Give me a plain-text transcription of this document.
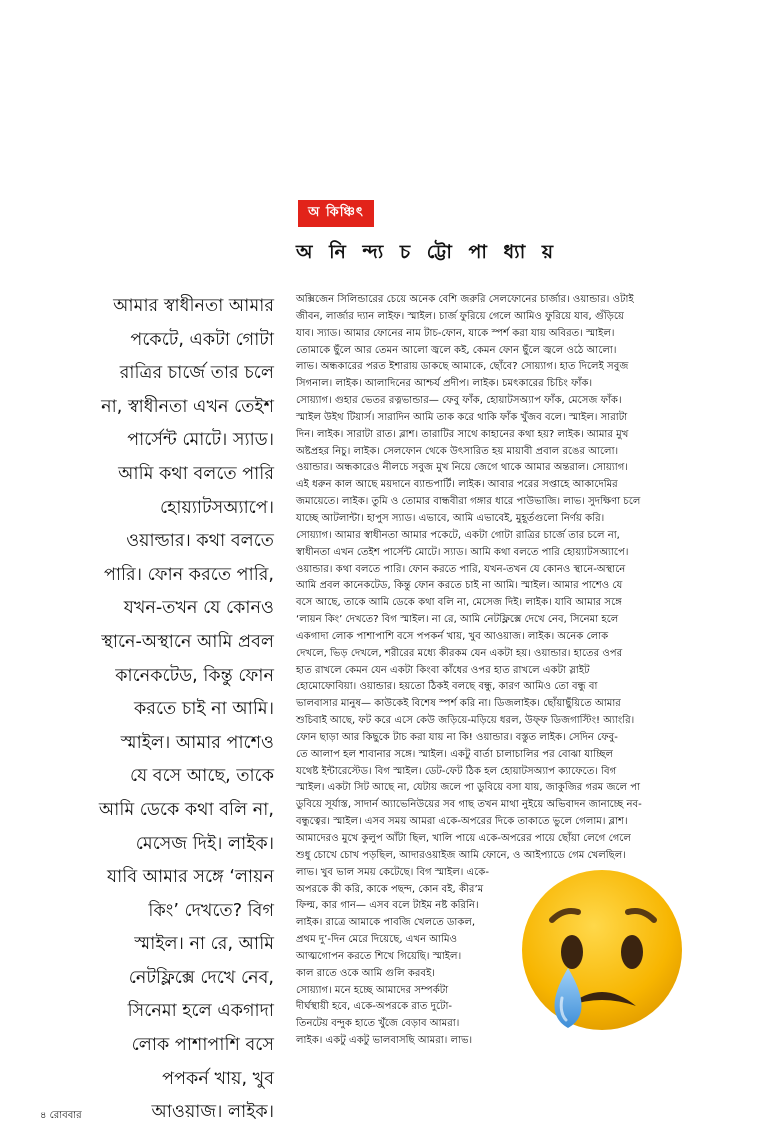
অ কিঞ্চিৎ
অ নি ন্দ্য চ ট্টো পা ধ্যা য়
আমার স্বাধীনতা আমার
পকেটে, একটা গোটা
রাত্রির চার্জে তার চলে
না, স্বাধীনতা এখন তেইশ
পার্সেন্ট মোটে। স্যাড।
আমি কথা বলতে পারি
হোয়্যাটসঅ্যাপে।
ওয়াল্ডার। কথা বলতে
পারি। ফোন করতে পারি,
যখন-তখন যে কোনও
স্থানে-অস্থানে আমি প্রবল
কানেকটেড, কিন্তু ফোন
করতে চাই না আমি।
স্মাইল। আমার পাশেও
যে বসে আছে, তাকে
আমি ডেকে কথা বলি না,
মেসেজ দিই। লাইক।
যাবি আমার সঙ্গে ‘লায়ন
কিং’ দেখতে? বিগ
স্মাইল। না রে, আমি
নেটফ্লিক্সে দেখে নেব,
সিনেমা হলে একগাদা
লোক পাশাপাশি বসে
পপকর্ন খায়, খুব
আওয়াজ। লাইক।
অক্সিজেন সিলিন্ডারের চেয়ে অনেক বেশি জরুরি সেলফোনের চার্জার। ওয়ান্ডার। ওটাই
জীবন, লার্জার দ্যান লাইফ। স্মাইল। চার্জ ফুরিয়ে গেলে আমিও ফুরিয়ে যাব, গুঁড়িয়ে
যাব। স্যাড। আমার ফোনের নাম টাচ-ফোন, যাকে স্পর্শ করা যায় অবিরত। স্মাইল।
তোমাকে ছুঁলে আর তেমন আলো জ্বলে কই, কেমন ফোন ছুঁলে জ্বলে ওঠে আলো।
লাভ। অন্ধকারের পরত ইশারায় ডাকছে আমাকে, ছোঁবে? সোয়্যাগ। হাত দিলেই সবুজ
সিগনাল। লাইক। আলাদিনের আশ্চর্য প্রদীপ। লাইক। চমৎকারের চিচিং ফাঁক।
সোয়্যাগ। গুহার ভেতর রত্নভান্ডার— ফেবু ফাঁক, হোয়াটসঅ্যাপ ফাঁক, মেসেজ ফাঁক।
স্মাইল উইথ টিয়ার্স। সারাদিন আমি তাক করে থাকি ফাঁক খুঁজব বলে। স্মাইল। সারাটা
দিন। লাইক। সারাটা রাত। ব্লাশ। তারাটির সাথে কাহানের কথা হয়? লাইক। আমার মুখ
অষ্টপ্রহর নিচু। লাইক। সেলফোন থেকে উৎসারিত হয় মায়াবী প্রবাল রঙের আলো।
ওয়ান্ডার। অন্ধকারেও নীলচে সবুজ মুখ নিয়ে জেগে থাকে আমার অন্তরাল। সোয়্যাগ।
এই ধরুন কাল আছে ময়দানে ব্যান্ডপার্টি। লাইক। আবার পরের সপ্তাহে আকাদেমির
জমায়েতে। লাইক। তুমি ও তোমার বান্ধবীরা গঙ্গার ধারে পাউভাজি। লাভ। সুদক্ষিণা চলে
যাচ্ছে আটলান্টা। হাপুস স্যাড। এভাবে, আমি এভাবেই, মুহূর্তগুলো নির্ণয় করি।
সোয়্যাগ। আমার স্বাধীনতা আমার পকেটে, একটা গোটা রাত্রির চার্জে তার চলে না,
স্বাধীনতা এখন তেইশ পার্সেন্ট মোটে। স্যাড। আমি কথা বলতে পারি হোয়্যাটসঅ্যাপে।
ওয়ান্ডার। কথা বলতে পারি। ফোন করতে পারি, যখন-তখন যে কোনও স্থানে-অস্থানে
আমি প্রবল কানেকটেড, কিন্তু ফোন করতে চাই না আমি। স্মাইল। আমার পাশেও যে
বসে আছে, তাকে আমি ডেকে কথা বলি না, মেসেজ দিই। লাইক। যাবি আমার সঙ্গে
‘লায়ন কিং’ দেখতে? বিগ স্মাইল। না রে, আমি নেটফ্লিক্সে দেখে নেব, সিনেমা হলে
একগাদা লোক পাশাপাশি বসে পপকর্ন খায়, খুব আওয়াজ। লাইক। অনেক লোক
দেখলে, ভিড় দেখলে, শরীরের মধ্যে কীরকম যেন একটা হয়। ওয়ান্ডার। হাতের ওপর
হাত রাখলে কেমন যেন একটা কিংবা কাঁধের ওপর হাত রাখলে একটা স্লাইট
হোমোফোবিয়া। ওয়ান্ডার। হয়তো ঠিকই বলছে বন্ধু, কারণ আমিও তো বন্ধু বা
ভালবাসার মানুষ— কাউকেই বিশেষ স্পর্শ করি না। ডিজলাইক। ছোঁয়াছুঁয়িতে আমার
শুচিবাই আছে, ফট করে এসে কেউ জড়িয়ে-মড়িয়ে ধরল, উফ্‌ফ ডিজগাস্টিং! অ্যাংরি।
ফোন ছাড়া আর কিছুকে টাচ করা যায় না কি! ওয়ান্ডার। বস্তুত লাইক। সেদিন ফেবু-
তে আলাপ হল শাবানার সঙ্গে। স্মাইল। একটু বার্তা চালাচালির পর বোঝা যাচ্ছিল
যথেষ্ট ইন্টারেস্টেড। বিগ স্মাইল। ডেট-ফেট ঠিক হল হোয়াটসঅ্যাপ ক্যাফেতে। বিগ
স্মাইল। একটা সিট আছে না, যেটায় জলে পা ডুবিয়ে বসা যায়, জাকুজির গরম জলে পা
ডুবিয়ে সূর্যাস্ত, সাদার্ন অ্যাভেনিউয়ের সব গাছ তখন মাথা নুইয়ে অভিবাদন জানাচ্ছে নব-
বন্ধুত্বের। স্মাইল। এসব সময় আমরা একে-অপরের দিকে তাকাতে ভুলে গেলাম। ব্লাশ।
আমাদেরও মুখে কুলুপ আঁটা ছিল, খালি পায়ে একে-অপরের পায়ে ছোঁয়া লেগে গেলে
শুধু চোখে চোখ পড়ছিল, আদারওয়াইজ আমি ফোনে, ও আইপ্যাডে গেম খেলছিল।
লাভ। খুব ভাল সময় কেটেছে। বিগ স্মাইল। একে-
অপরকে কী করি, কাকে পছন্দ, কোন বই, কীর’ম
ফিল্ম, কার গান— এসব বলে টাইম নষ্ট করিনি।
লাইক। রাত্রে আমাকে পাবজি খেলতে ডাকল,
প্রথম দু’-দিন মেরে দিয়েছে, এখন আমিও
আত্মগোপন করতে শিখে গিয়েছি। স্মাইল।
কাল রাতে ওকে আমি গুলি করবই।
সোয়্যাগ। মনে হচ্ছে আমাদের সম্পর্কটা
দীর্ঘস্থায়ী হবে, একে-অপরকে রাত দুটো-
তিনটেয় বন্দুক হাতে খুঁজে বেড়াব আমরা।
লাইক। একটু একটু ভালবাসছি আমরা। লাভ।
৪ রোববার
